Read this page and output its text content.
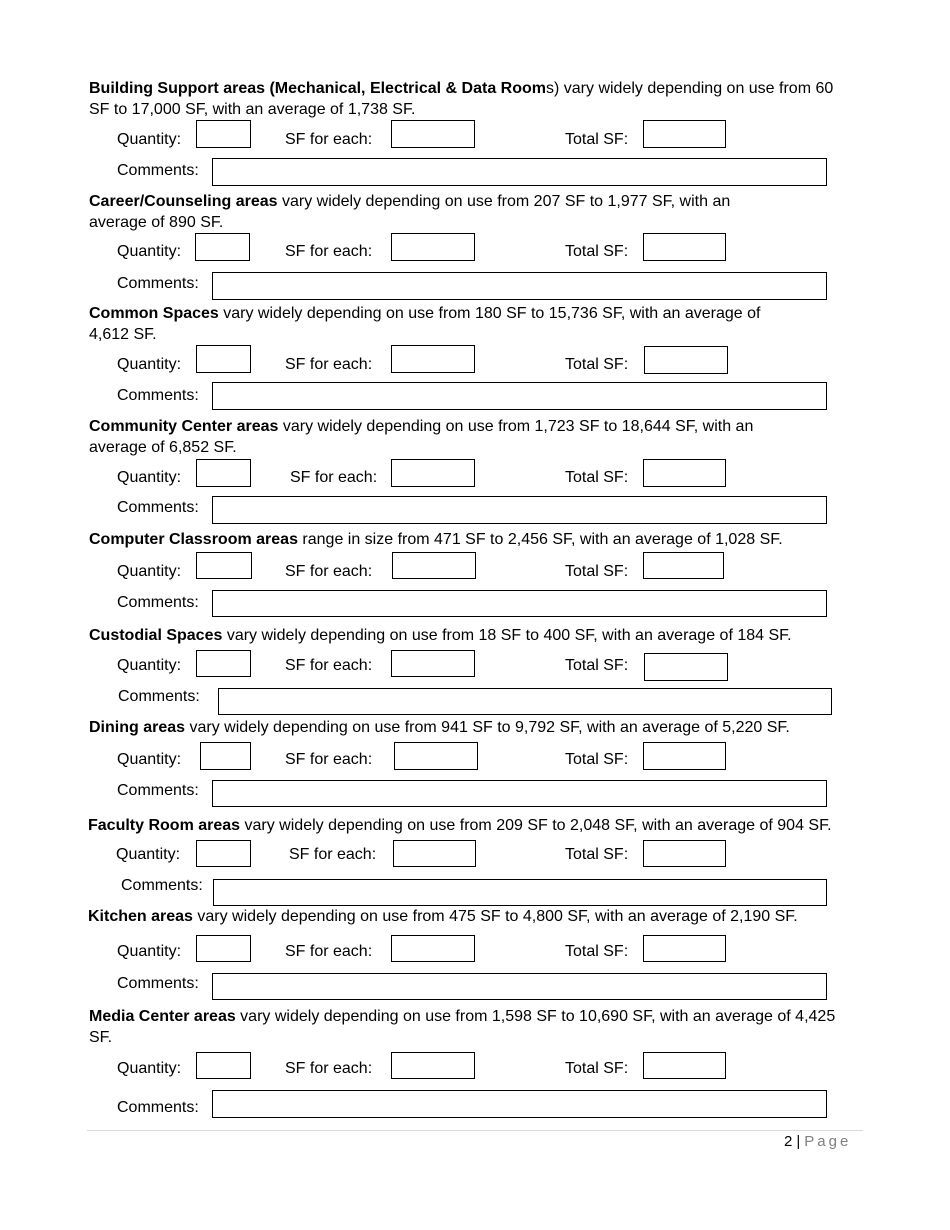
Building Support areas (Mechanical, Electrical & Data Rooms) vary widely depending on use from 60 SF to 17,000 SF, with an average of 1,738 SF.
Quantity:	SF for each:	Total SF:
Comments:
Career/Counseling areas vary widely depending on use from 207 SF to 1,977 SF, with an average of 890 SF.
Quantity:	SF for each:	Total SF:
Comments:
Common Spaces vary widely depending on use from 180 SF to 15,736 SF, with an average of 4,612 SF.
Quantity:	SF for each:	Total SF:
Comments:
Community Center areas vary widely depending on use from 1,723 SF to 18,644 SF, with an average of 6,852 SF.
Quantity:	SF for each:	Total SF:
Comments:
Computer Classroom areas range in size from 471 SF to 2,456 SF, with an average of 1,028 SF.
Quantity:	SF for each:	Total SF:
Comments:
Custodial Spaces vary widely depending on use from 18 SF to 400 SF, with an average of 184 SF.
Quantity:	SF for each:	Total SF:
Comments:
Dining areas vary widely depending on use from 941 SF to 9,792 SF, with an average of 5,220 SF.
Quantity:	SF for each:	Total SF:
Comments:
Faculty Room areas vary widely depending on use from 209 SF to 2,048 SF, with an average of 904 SF.
Quantity:	SF for each:	Total SF:
Comments:
Kitchen areas vary widely depending on use from 475 SF to 4,800 SF, with an average of 2,190 SF.
Quantity:	SF for each:	Total SF:
Comments:
Media Center areas vary widely depending on use from 1,598 SF to 10,690 SF, with an average of 4,425 SF.
Quantity:	SF for each:	Total SF:
Comments:
2 | Page
